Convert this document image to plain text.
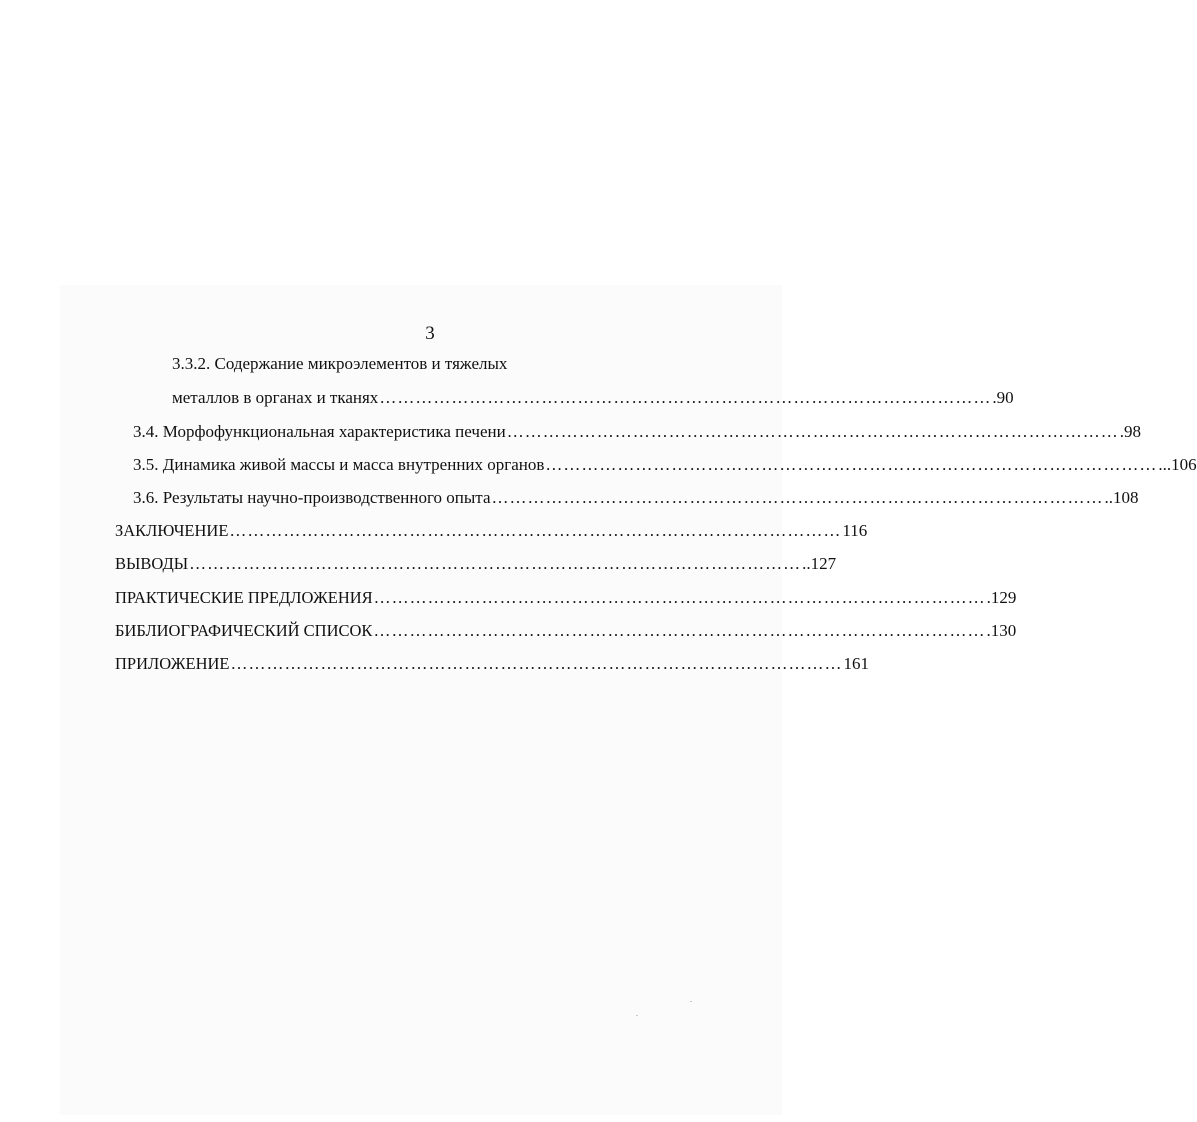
3
3.3.2. Содержание микроэлементов и тяжелых
металлов в органах и тканях ………………………………………………………………………………………… .90
3.4. Морфофункциональная характеристика печени ………………………………………………………………………………………… .98
3.5. Динамика живой массы и масса внутренних органов ………………………………………………………………………………………… ...106
3.6. Результаты научно-производственного опыта ………………………………………………………………………………………… ..108
ЗАКЛЮЧЕНИЕ ………………………………………………………………………………………… 116
ВЫВОДЫ ………………………………………………………………………………………… ..127
ПРАКТИЧЕСКИЕ ПРЕДЛОЖЕНИЯ ………………………………………………………………………………………… .129
БИБЛИОГРАФИЧЕСКИЙ СПИСОК ………………………………………………………………………………………… .130
ПРИЛОЖЕНИЕ ………………………………………………………………………………………… 161
